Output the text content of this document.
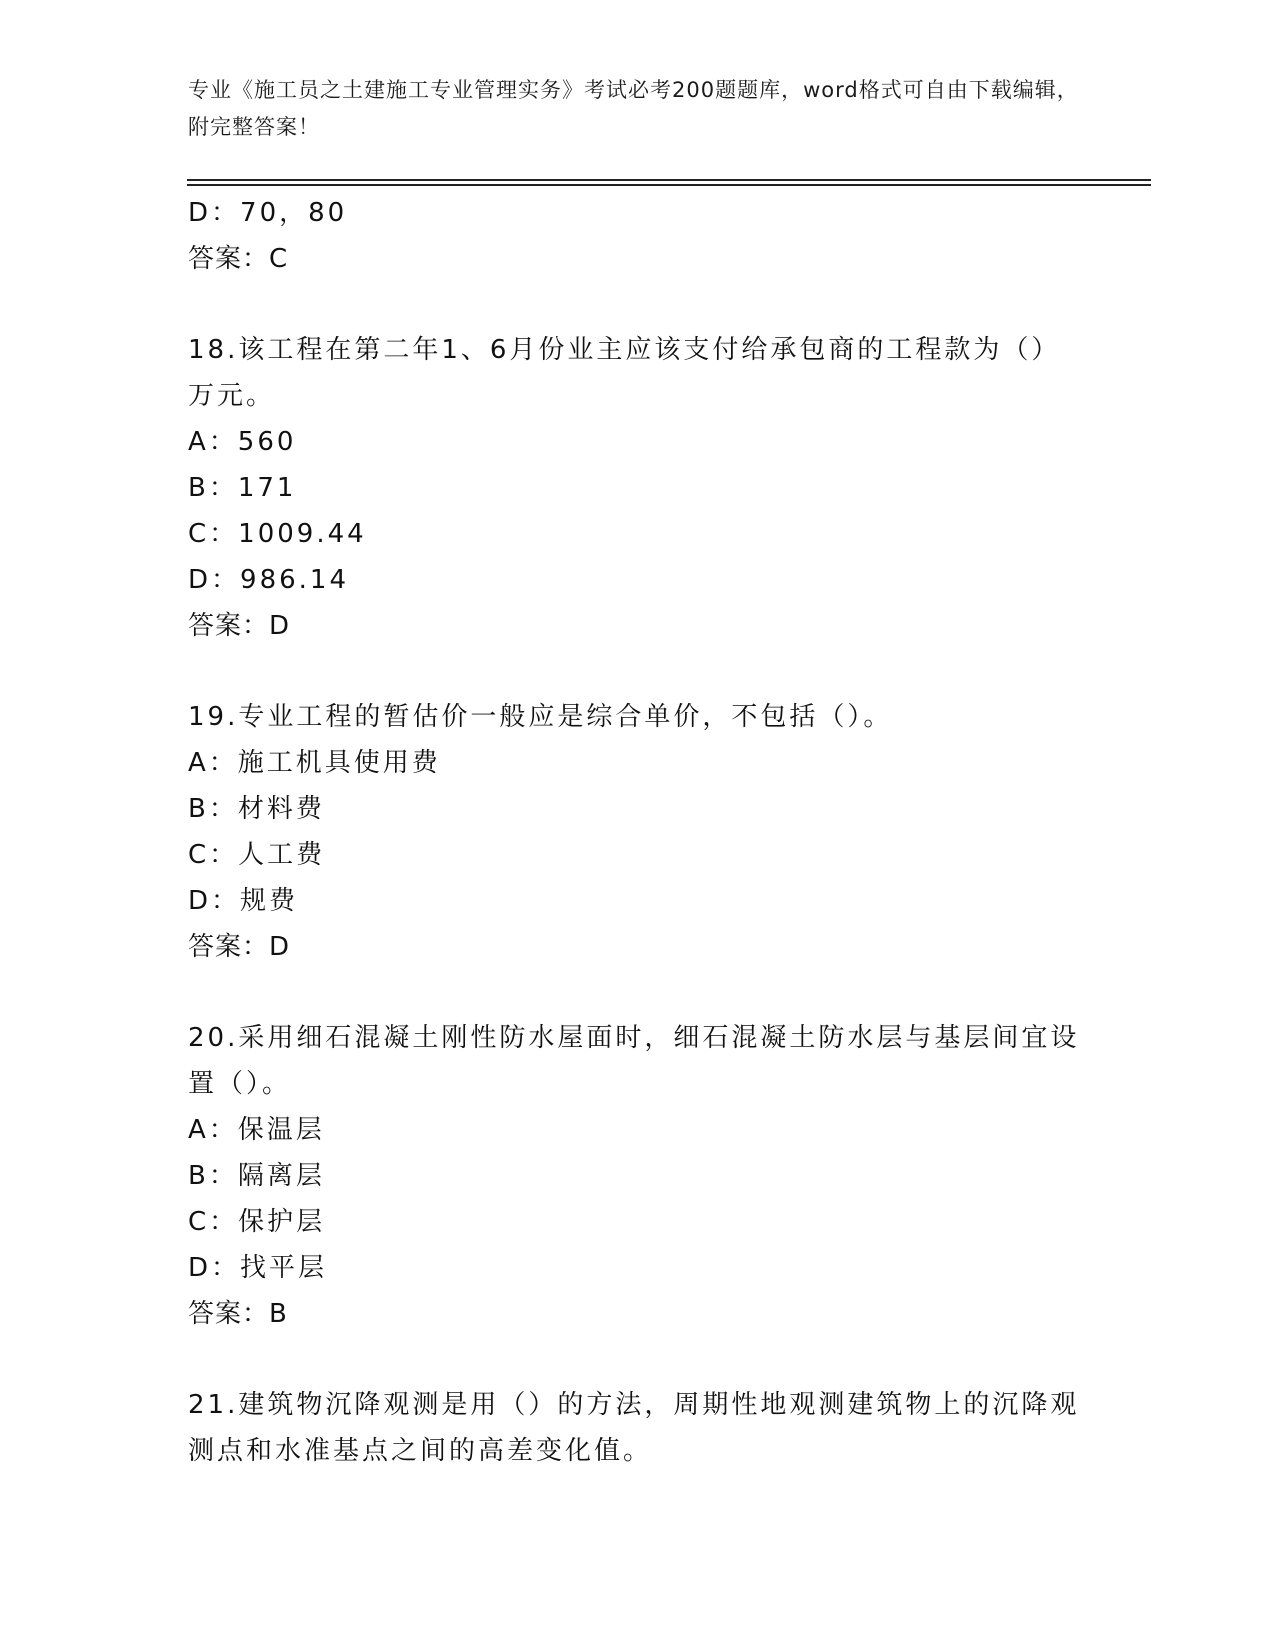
专业《施工员之土建施工专业管理实务》考试必考200题题库，word格式可自由下载编辑，附完整答案！
D：70，80
答案：C
18.该工程在第二年1、6月份业主应该支付给承包商的工程款为（）万元。
A：560
B：171
C：1009.44
D：986.14
答案：D
19.专业工程的暂估价一般应是综合单价，不包括（）。
A：施工机具使用费
B：材料费
C：人工费
D：规费
答案：D
20.采用细石混凝土刚性防水屋面时，细石混凝土防水层与基层间宜设置（）。
A：保温层
B：隔离层
C：保护层
D：找平层
答案：B
21.建筑物沉降观测是用（）的方法，周期性地观测建筑物上的沉降观测点和水准基点之间的高差变化值。
